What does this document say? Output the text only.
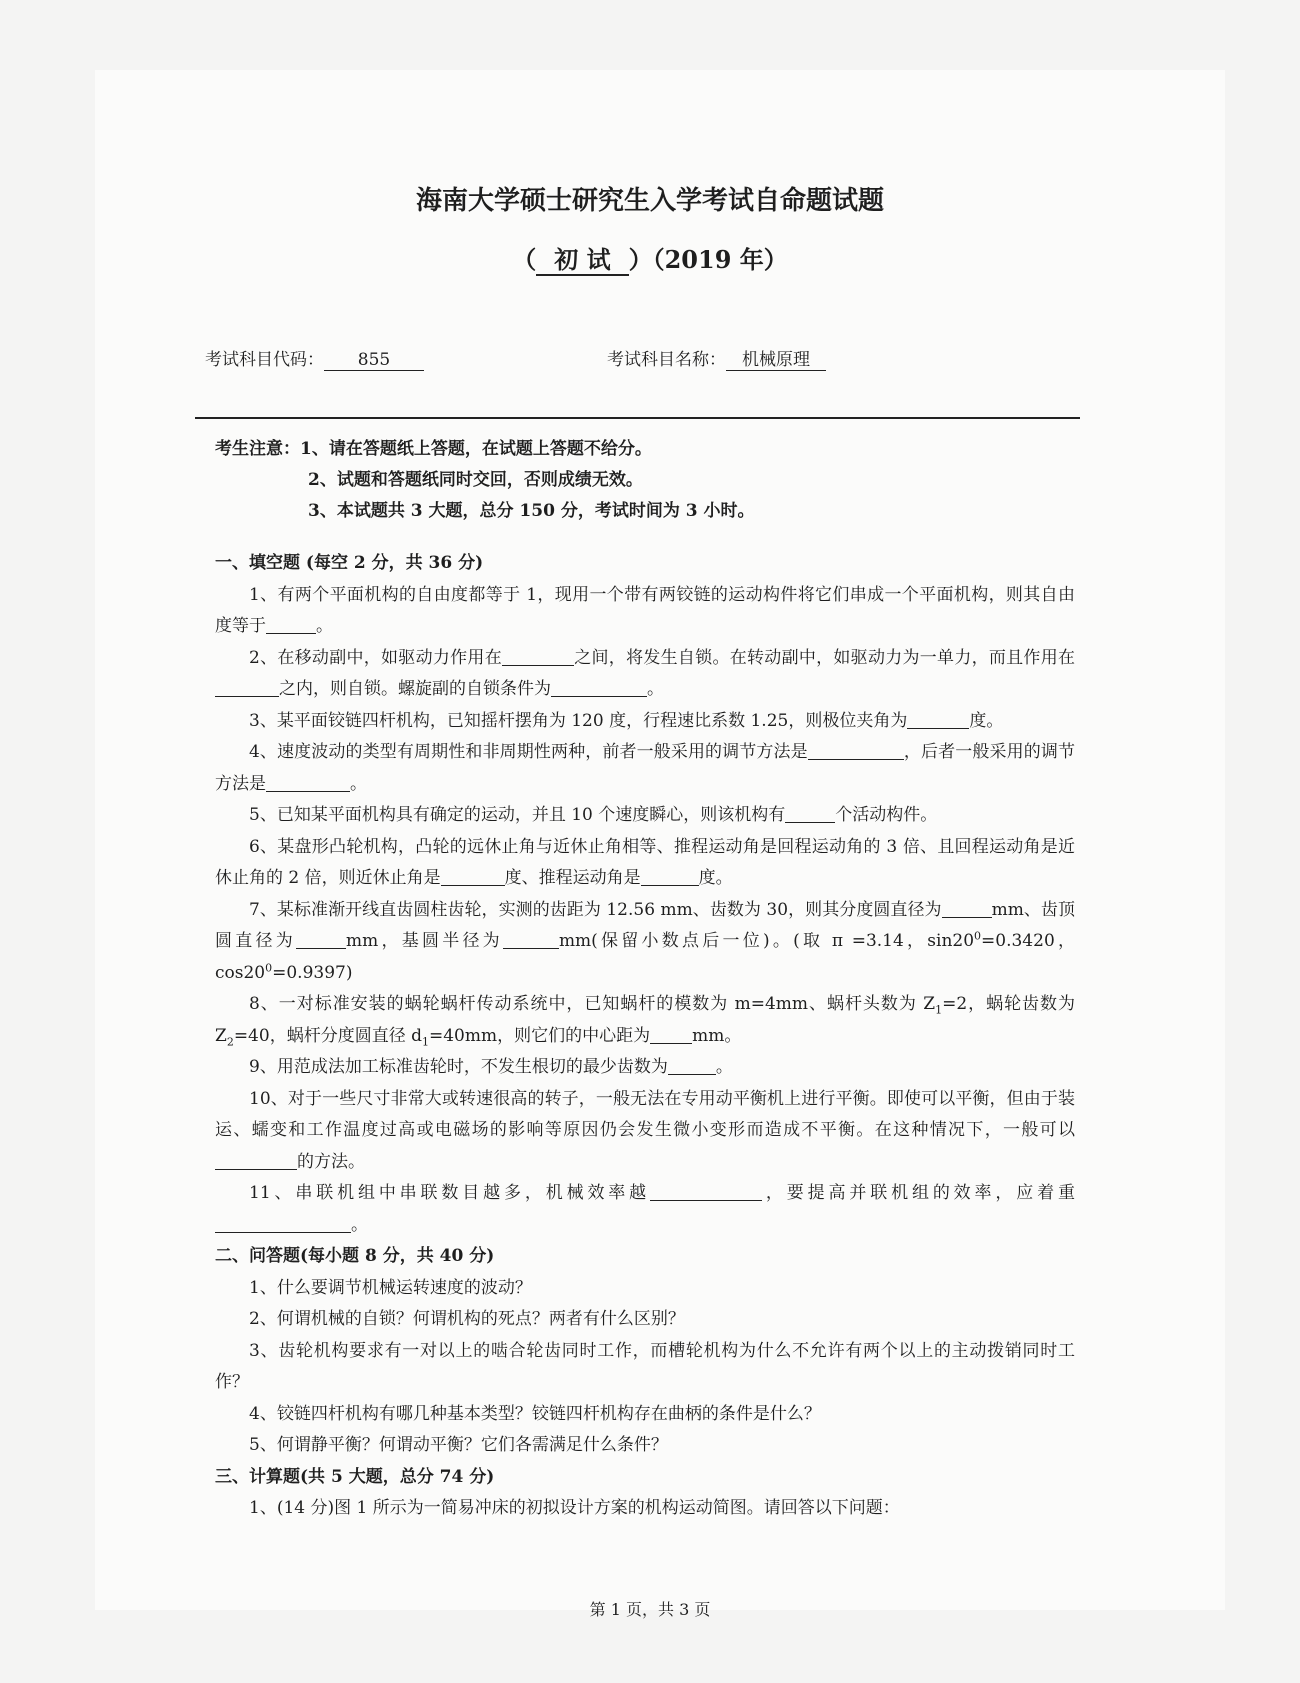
海南大学硕士研究生入学考试自命题试题
（ 初 试 ）（2019 年）
考试科目代码： 855	考试科目名称： 机械原理
考生注意：1、请在答题纸上答题，在试题上答题不给分。
2、试题和答题纸同时交回，否则成绩无效。
3、本试题共 3 大题，总分 150 分，考试时间为 3 小时。

一、填空题 (每空 2 分，共 36 分)

1、有两个平面机构的自由度都等于 1，现用一个带有两铰链的运动构件将它们串成一个平面机构，则其自由度等于	。

2、在移动副中，如驱动力作用在	之间，将发生自锁。在转动副中，如驱动力为一单力，而且作用在之内，则自锁。螺旋副的自锁条件为	。

3、某平面铰链四杆机构，已知摇杆摆角为 120 度，行程速比系数 1.25，则极位夹角为	度。

4、速度波动的类型有周期性和非周期性两种，前者一般采用的调节方法是	，后者一般采用的调节方法是	。

5、已知某平面机构具有确定的运动，并且 10 个速度瞬心，则该机构有	个活动构件。

6、某盘形凸轮机构，凸轮的远休止角与近休止角相等、推程运动角是回程运动角的 3 倍、且回程运动角是近休止角的 2 倍，则近休止角是	度、推程运动角是	度。

7、某标准渐开线直齿圆柱齿轮，实测的齿距为 12.56 mm、齿数为 30，则其分度圆直径为	mm、齿顶圆直径为	mm，基圆半径为	mm(保留小数点后一位)。(取 π =3.14，$\sin 20^0=0.3420$，$\cos 20^0=0.9397$)

8、一对标准安装的蜗轮蜗杆传动系统中，已知蜗杆的模数为 m=4mm、蜗杆头数为 $Z_1=2$，蜗轮齿数为 $Z_2=40$，蜗杆分度圆直径 $d_1=40mm$，则它们的中心距为 mm。

9、用范成法加工标准齿轮时，不发生根切的最少齿数为	。

10、对于一些尺寸非常大或转速很高的转子，一般无法在专用动平衡机上进行平衡。即使可以平衡，但由于装运、蠕变和工作温度过高或电磁场的影响等原因仍会发生微小变形而造成不平衡。在这种情况下，一般可以的方法。

11、串联机组中串联数目越多，机械效率越	，要提高并联机组的效率，应着重。

二、问答题(每小题 8 分，共 40 分)

1、什么要调节机械运转速度的波动？

2、何谓机械的自锁？何谓机构的死点？两者有什么区别？

3、齿轮机构要求有一对以上的啮合轮齿同时工作，而槽轮机构为什么不允许有两个以上的主动拨销同时工作？

4、铰链四杆机构有哪几种基本类型？铰链四杆机构存在曲柄的条件是什么？

5、何谓静平衡？何谓动平衡？它们各需满足什么条件？

三、计算题(共 5 大题，总分 74 分)

1、(14 分)图 1 所示为一简易冲床的初拟设计方案的机构运动简图。请回答以下问题：

第 1 页，共 3 页
